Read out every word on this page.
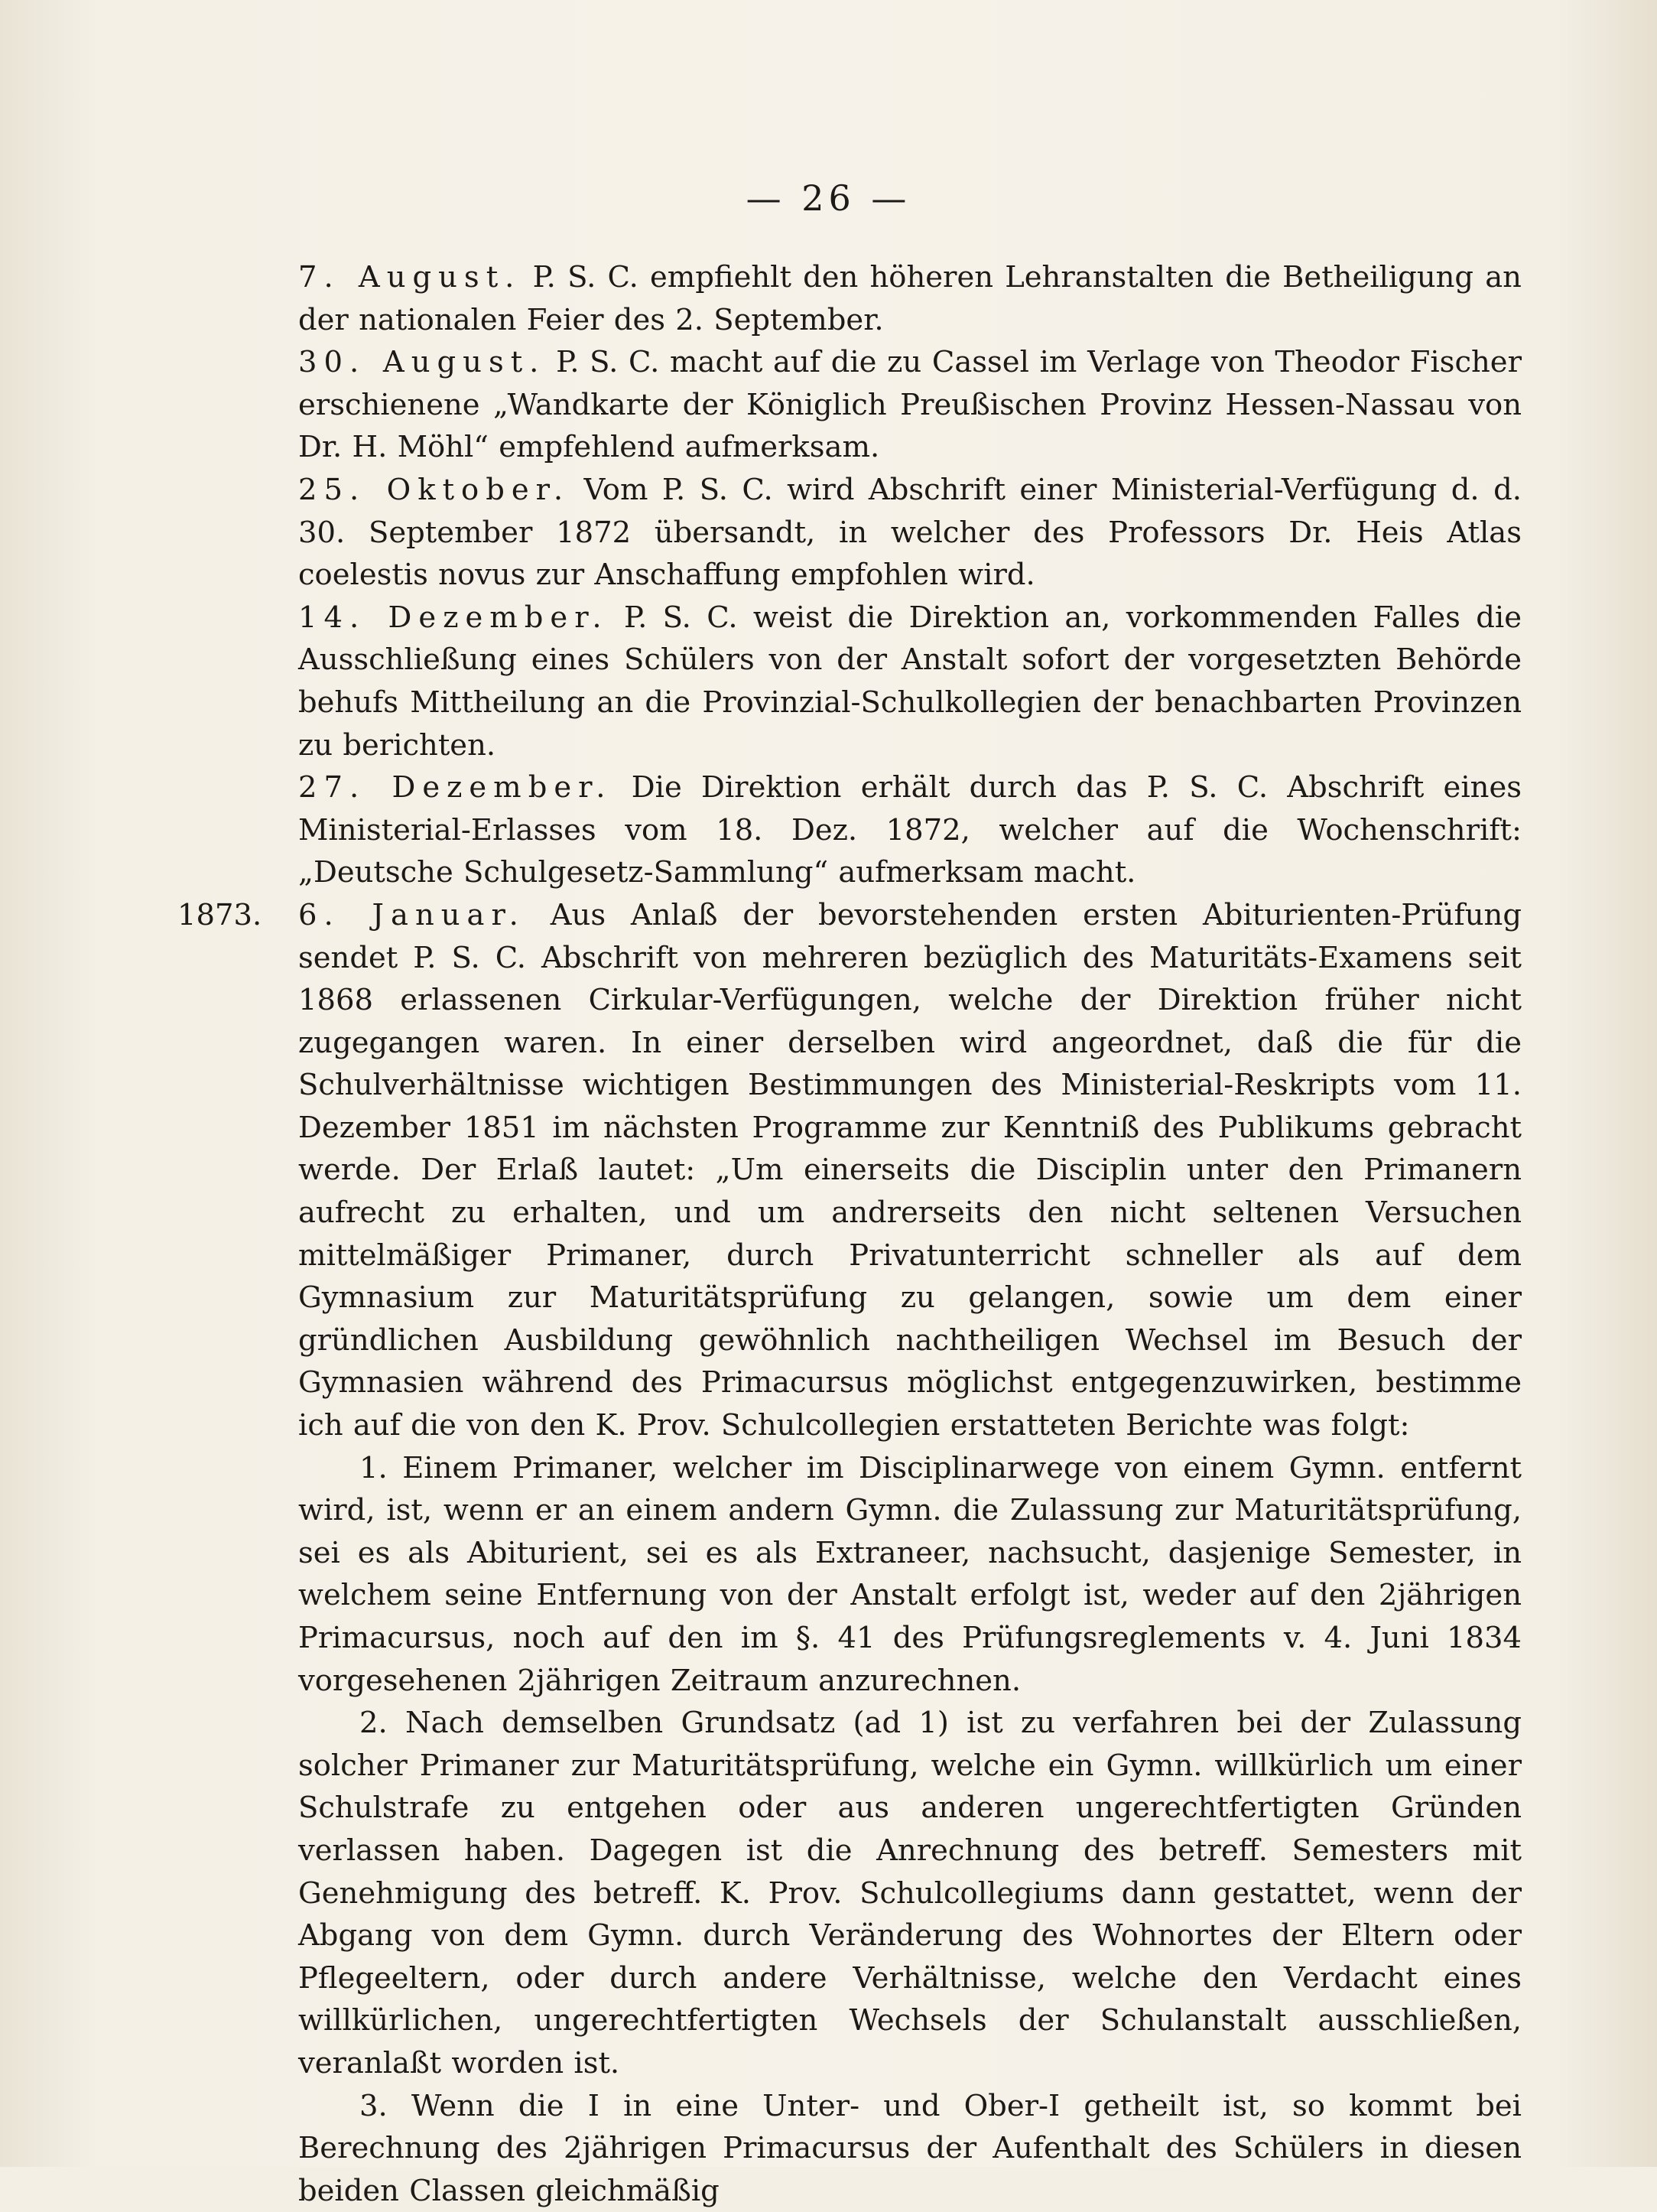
— 26 —

7. August. P. S. C. empfiehlt den höheren Lehranstalten die Betheiligung an der nationalen Feier des 2. September.

30. August. P. S. C. macht auf die zu Cassel im Verlage von Theodor Fischer erschienene „Wandkarte der Königlich Preußischen Provinz Hessen-Nassau von Dr. H. Möhl“ empfehlend aufmerksam.

25. Oktober. Vom P. S. C. wird Abschrift einer Ministerial-Verfügung d. d. 30. September 1872 übersandt, in welcher des Professors Dr. Heis Atlas coelestis novus zur Anschaffung empfohlen wird.

14. Dezember. P. S. C. weist die Direktion an, vorkommenden Falles die Ausschließung eines Schülers von der Anstalt sofort der vorgesetzten Behörde behufs Mittheilung an die Provinzial-Schulkollegien der benachbarten Provinzen zu berichten.

27. Dezember. Die Direktion erhält durch das P. S. C. Abschrift eines Ministerial-Erlasses vom 18. Dez. 1872, welcher auf die Wochenschrift: „Deutsche Schulgesetz-Sammlung“ aufmerksam macht.

1873. 6. Januar. Aus Anlaß der bevorstehenden ersten Abiturienten-Prüfung sendet P. S. C. Abschrift von mehreren bezüglich des Maturitäts-Examens seit 1868 erlassenen Cirkular-Verfügungen, welche der Direktion früher nicht zugegangen waren. In einer derselben wird angeordnet, daß die für die Schulverhältnisse wichtigen Bestimmungen des Ministerial-Reskripts vom 11. Dezember 1851 im nächsten Programme zur Kenntniß des Publikums gebracht werde. Der Erlaß lautet: „Um einerseits die Disciplin unter den Primanern aufrecht zu erhalten, und um andrerseits den nicht seltenen Versuchen mittelmäßiger Primaner, durch Privatunterricht schneller als auf dem Gymnasium zur Maturitätsprüfung zu gelangen, sowie um dem einer gründlichen Ausbildung gewöhnlich nachtheiligen Wechsel im Besuch der Gymnasien während des Primacursus möglichst entgegenzuwirken, bestimme ich auf die von den K. Prov. Schulcollegien erstatteten Berichte was folgt:

1. Einem Primaner, welcher im Disciplinarwege von einem Gymn. entfernt wird, ist, wenn er an einem andern Gymn. die Zulassung zur Maturitätsprüfung, sei es als Abiturient, sei es als Extraneer, nachsucht, dasjenige Semester, in welchem seine Entfernung von der Anstalt erfolgt ist, weder auf den 2jährigen Primacursus, noch auf den im §. 41 des Prüfungsreglements v. 4. Juni 1834 vorgesehenen 2jährigen Zeitraum anzurechnen.

2. Nach demselben Grundsatz (ad 1) ist zu verfahren bei der Zulassung solcher Primaner zur Maturitätsprüfung, welche ein Gymn. willkürlich um einer Schulstrafe zu entgehen oder aus anderen ungerechtfertigten Gründen verlassen haben. Dagegen ist die Anrechnung des betreff. Semesters mit Genehmigung des betreff. K. Prov. Schulcollegiums dann gestattet, wenn der Abgang von dem Gymn. durch Veränderung des Wohnortes der Eltern oder Pflegeeltern, oder durch andere Verhältnisse, welche den Verdacht eines willkürlichen, ungerechtfertigten Wechsels der Schulanstalt ausschließen, veranlaßt worden ist.

3. Wenn die I in eine Unter- und Ober-I getheilt ist, so kommt bei Berechnung des 2jährigen Primacursus der Aufenthalt des Schülers in diesen beiden Classen gleichmäßig
